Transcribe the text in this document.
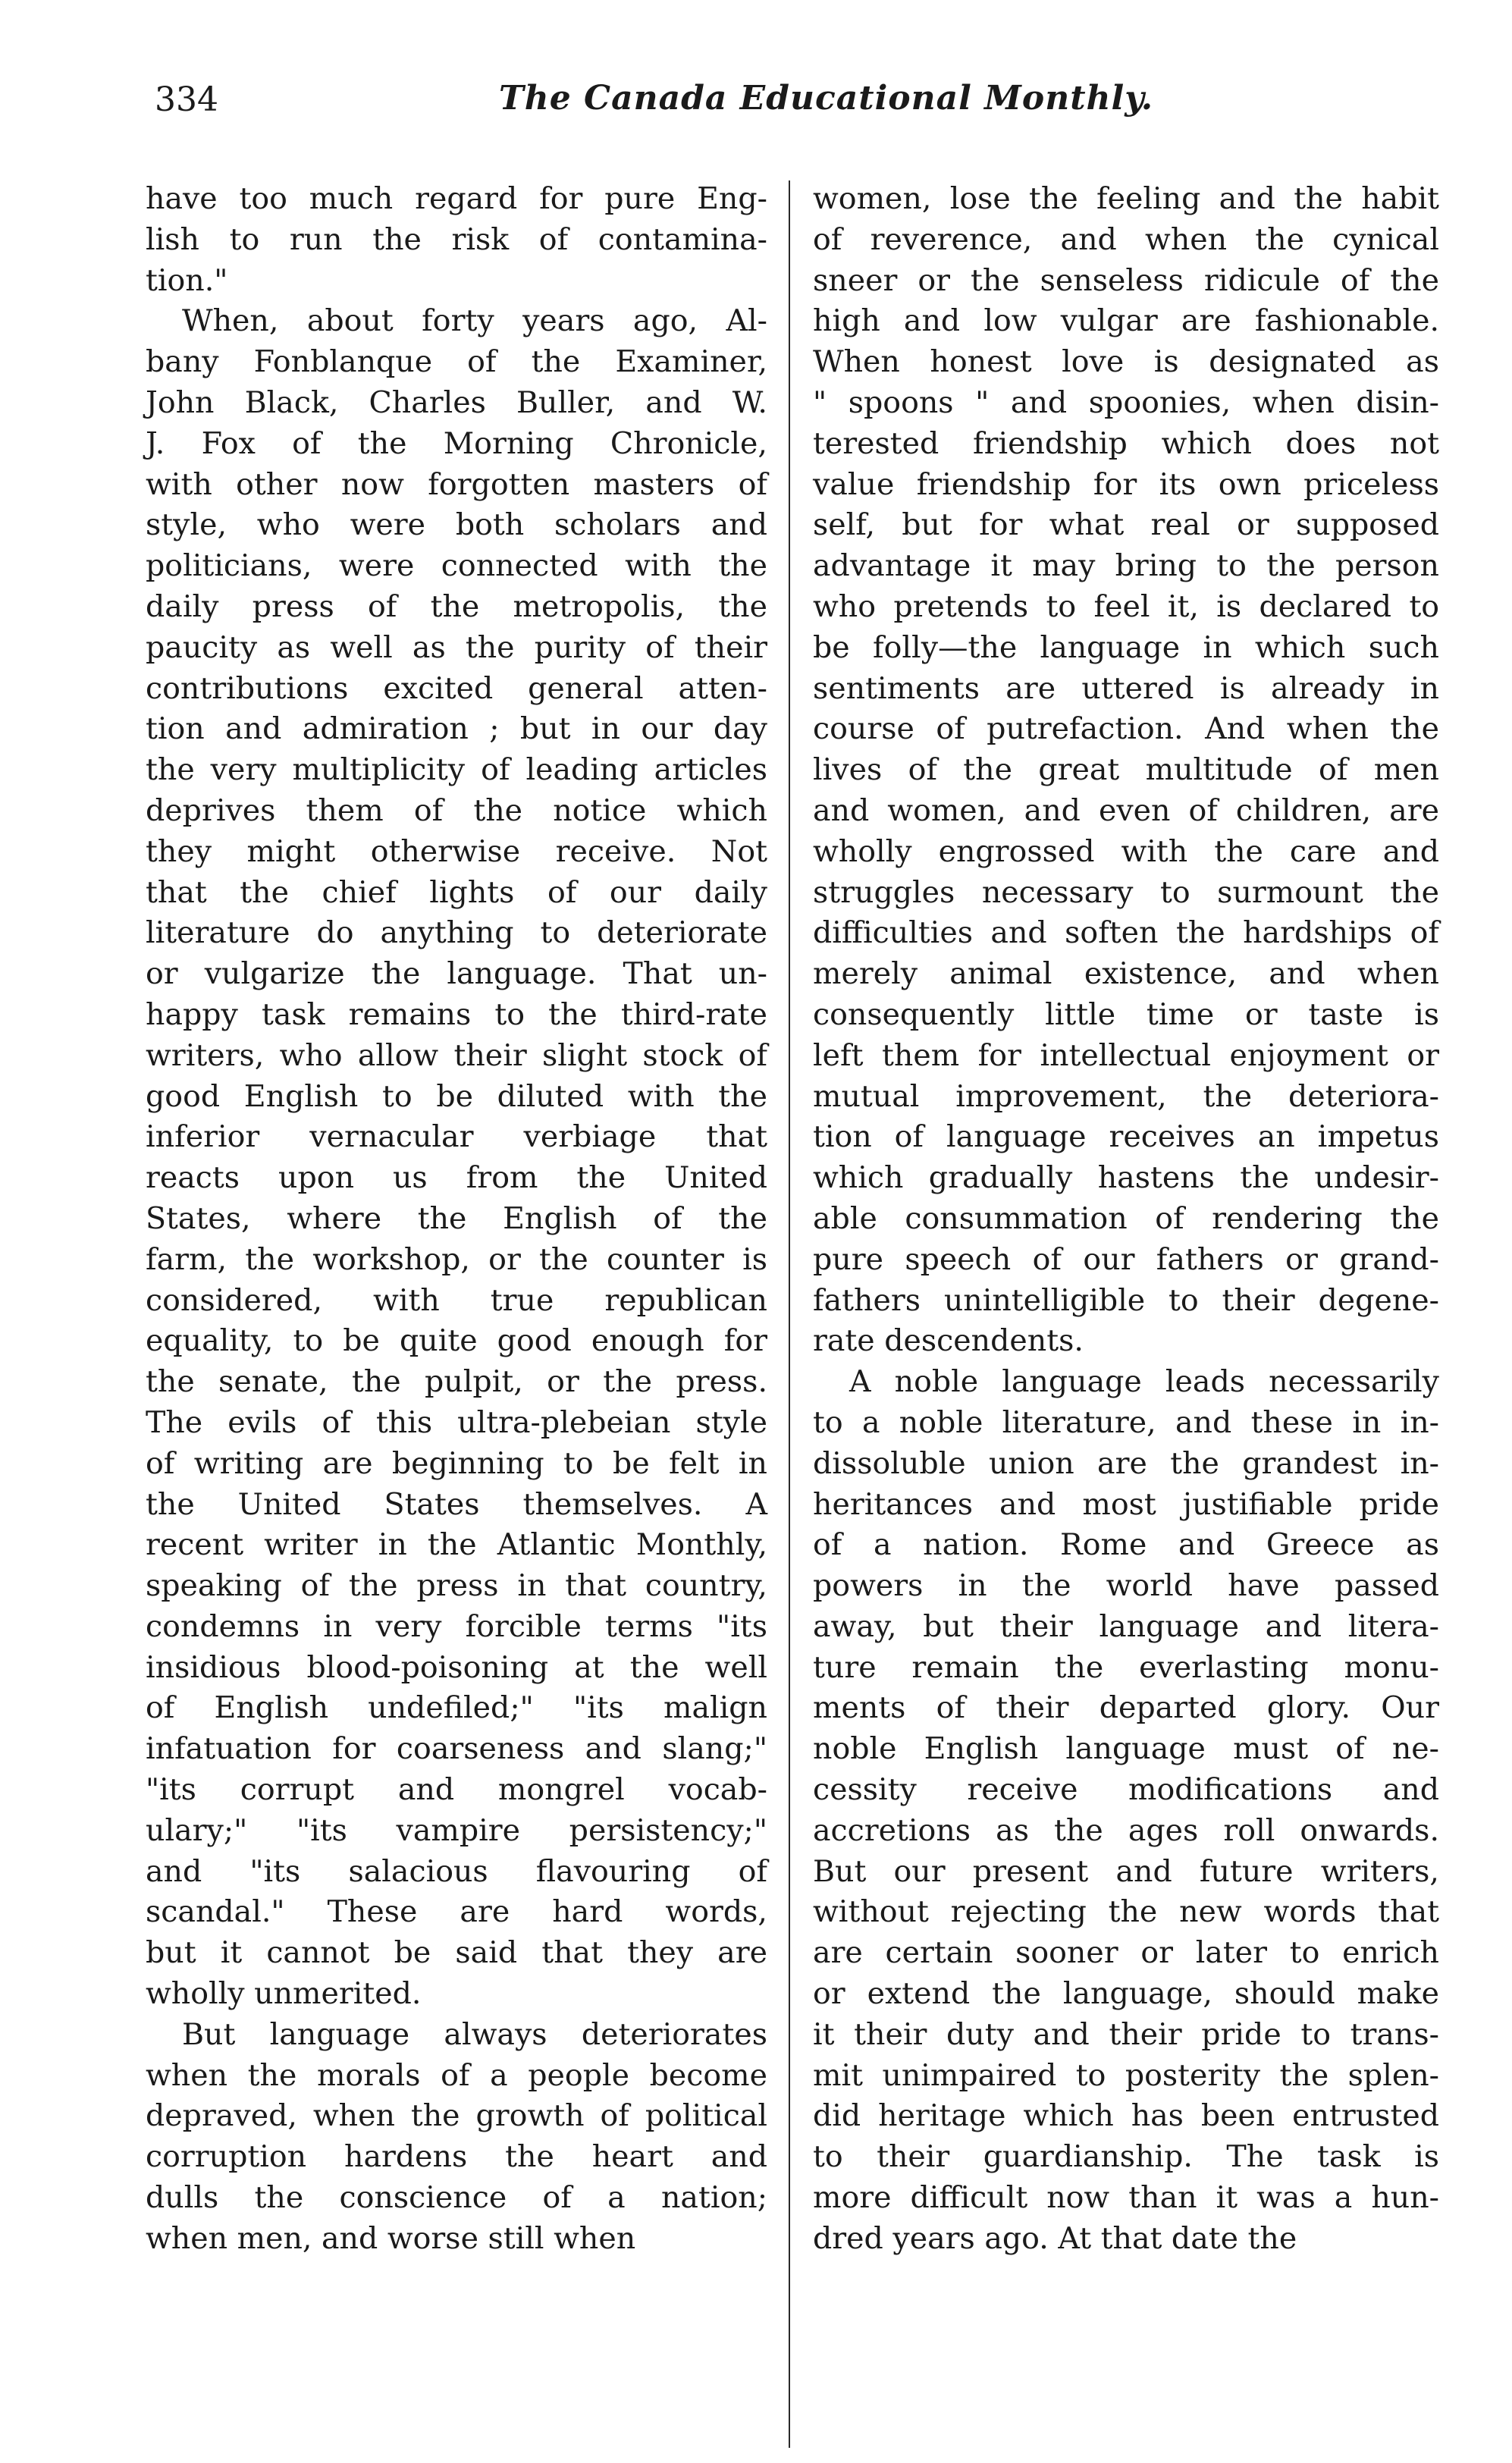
334	The Canada Educational Monthly.
have too much regard for pure Eng-
lish to run the risk of contamina-
tion."
When, about forty years ago, Al-
bany Fonblanque of the Examiner,
John Black, Charles Buller, and W.
J. Fox of the Morning Chronicle,
with other now forgotten masters of
style, who were both scholars and
politicians, were connected with the
daily press of the metropolis, the
paucity as well as the purity of their
contributions excited general atten-
tion and admiration ; but in our day
the very multiplicity of leading articles
deprives them of the notice which
they might otherwise receive. Not
that the chief lights of our daily
literature do anything to deteriorate
or vulgarize the language. That un-
happy task remains to the third-rate
writers, who allow their slight stock of
good English to be diluted with the
inferior vernacular verbiage that
reacts upon us from the United
States, where the English of the
farm, the workshop, or the counter is
considered, with true republican
equality, to be quite good enough for
the senate, the pulpit, or the press.
The evils of this ultra-plebeian style
of writing are beginning to be felt in
the United States themselves. A
recent writer in the Atlantic Monthly,
speaking of the press in that country,
condemns in very forcible terms "its
insidious blood-poisoning at the well
of English undefiled;" "its malign
infatuation for coarseness and slang;"
"its corrupt and mongrel vocab-
ulary;" "its vampire persistency;"
and "its salacious flavouring of
scandal." These are hard words,
but it cannot be said that they are
wholly unmerited.
But language always deteriorates
when the morals of a people become
depraved, when the growth of political
corruption hardens the heart and
dulls the conscience of a nation;
when men, and worse still when
women, lose the feeling and the habit
of reverence, and when the cynical
sneer or the senseless ridicule of the
high and low vulgar are fashionable.
When honest love is designated as
" spoons " and spoonies, when disin-
terested friendship which does not
value friendship for its own priceless
self, but for what real or supposed
advantage it may bring to the person
who pretends to feel it, is declared to
be folly—the language in which such
sentiments are uttered is already in
course of putrefaction. And when the
lives of the great multitude of men
and women, and even of children, are
wholly engrossed with the care and
struggles necessary to surmount the
difficulties and soften the hardships of
merely animal existence, and when
consequently little time or taste is
left them for intellectual enjoyment or
mutual improvement, the deteriora-
tion of language receives an impetus
which gradually hastens the undesir-
able consummation of rendering the
pure speech of our fathers or grand-
fathers unintelligible to their degene-
rate descendents.
A noble language leads necessarily
to a noble literature, and these in in-
dissoluble union are the grandest in-
heritances and most justifiable pride
of a nation. Rome and Greece as
powers in the world have passed
away, but their language and litera-
ture remain the everlasting monu-
ments of their departed glory. Our
noble English language must of ne-
cessity receive modifications and
accretions as the ages roll onwards.
But our present and future writers,
without rejecting the new words that
are certain sooner or later to enrich
or extend the language, should make
it their duty and their pride to trans-
mit unimpaired to posterity the splen-
did heritage which has been entrusted
to their guardianship. The task is
more difficult now than it was a hun-
dred years ago. At that date the
